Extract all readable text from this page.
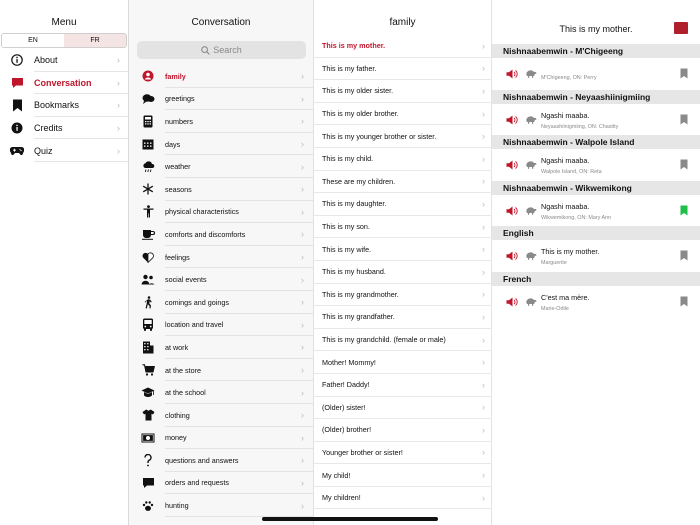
Menu
EN	FR
About	›
Conversation	›
Bookmarks	›
Credits	›
Quiz	›
Conversation
Search
family	›
greetings	›
numbers	›
days	›
weather	›
seasons	›
physical characteristics	›
comforts and discomforts	›
feelings	›
social events	›
comings and goings	›
location and travel	›
at work	›
at the store	›
at the school	›
clothing	›
money	›
questions and answers	›
orders and requests	›
hunting	›
family
This is my mother.	›
This is my father.	›
This is my older sister.	›
This is my older brother.	›
This is my younger brother or sister.	›
This is my child.	›
These are my children.	›
This is my daughter.	›
This is my son.	›
This is my wife.	›
This is my husband.	›
This is my grandmother.	›
This is my grandfather.	›
This is my grandchild. (female or male)	›
Mother! Mommy!	›
Father! Daddy!	›
(Older) sister!	›
(Older) brother!	›
Younger brother or sister!	›
My child!	›
My children!	›
This is my mother.
Nishnaabemwin - M'Chigeeng
M'Chigeeng, ON: Perry
Nishnaabemwin - Neyaashiinigmiing
Ngashi maaba.
Neyaashiinigmiing, ON: Chastity
Nishnaabemwin - Walpole Island
Ngashi maaba.
Walpole Island, ON: Reta
Nishnaabemwin - Wikwemikong
Ngashi maaba.
Wikwemikong, ON: Mary Ann
English
This is my mother.
Marguerite
French
C'est ma mère.
Marie-Odile
